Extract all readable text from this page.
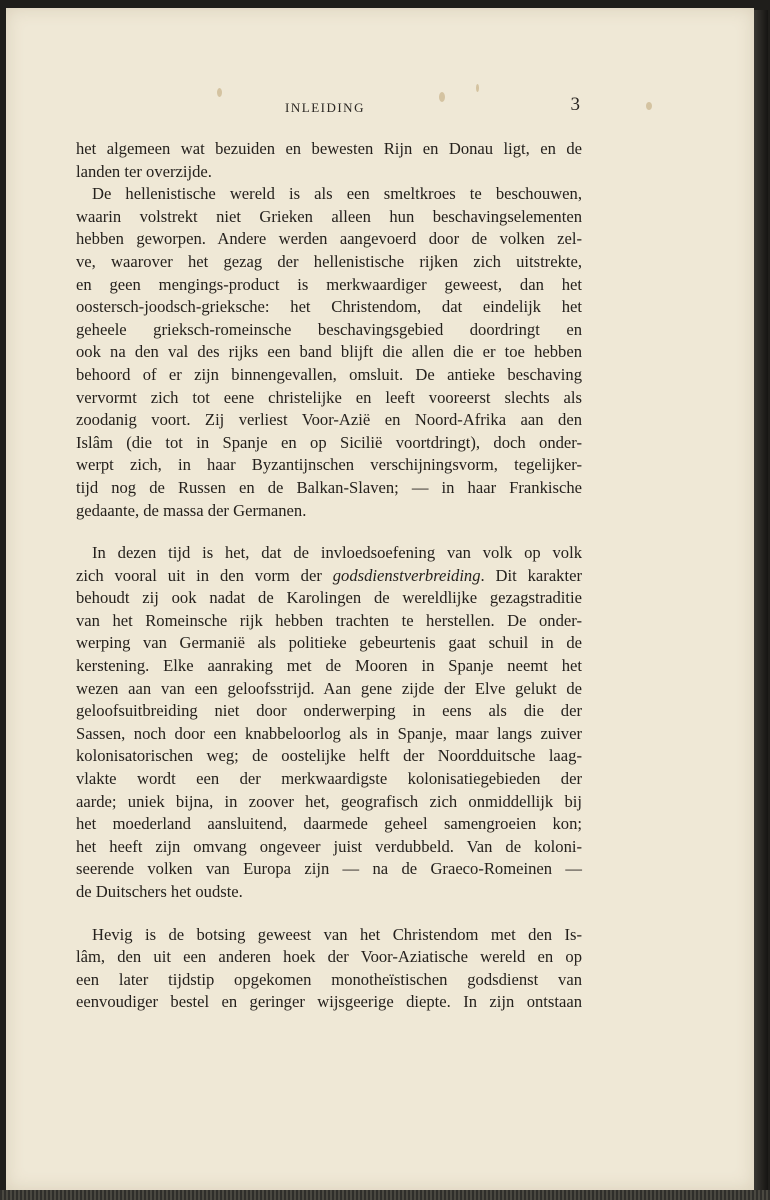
INLEIDING	3
het algemeen wat bezuiden en bewesten Rijn en Donau ligt, en de
landen ter overzijde.
De hellenistische wereld is als een smeltkroes te beschouwen,
waarin volstrekt niet Grieken alleen hun beschavingselementen
hebben geworpen. Andere werden aangevoerd door de volken zel-
ve, waarover het gezag der hellenistische rijken zich uitstrekte,
en geen mengings-product is merkwaardiger geweest, dan het
oostersch-joodsch-grieksche: het Christendom, dat eindelijk het
geheele grieksch-romeinsche beschavingsgebied doordringt en
ook na den val des rijks een band blijft die allen die er toe hebben
behoord of er zijn binnengevallen, omsluit. De antieke beschaving
vervormt zich tot eene christelijke en leeft vooreerst slechts als
zoodanig voort. Zij verliest Voor-Azië en Noord-Afrika aan den
Islâm (die tot in Spanje en op Sicilië voortdringt), doch onder-
werpt zich, in haar Byzantijnschen verschijningsvorm, tegelijker-
tijd nog de Russen en de Balkan-Slaven; — in haar Frankische
gedaante, de massa der Germanen.
In dezen tijd is het, dat de invloedsoefening van volk op volk
zich vooral uit in den vorm der godsdienstverbreiding. Dit karakter
behoudt zij ook nadat de Karolingen de wereldlijke gezagstraditie
van het Romeinsche rijk hebben trachten te herstellen. De onder-
werping van Germanië als politieke gebeurtenis gaat schuil in de
kerstening. Elke aanraking met de Mooren in Spanje neemt het
wezen aan van een geloofsstrijd. Aan gene zijde der Elve gelukt de
geloofsuitbreiding niet door onderwerping in eens als die der
Sassen, noch door een knabbeloorlog als in Spanje, maar langs zuiver
kolonisatorischen weg; de oostelijke helft der Noordduitsche laag-
vlakte wordt een der merkwaardigste kolonisatiegebieden der
aarde; uniek bijna, in zoover het, geografisch zich onmiddellijk bij
het moederland aansluitend, daarmede geheel samengroeien kon;
het heeft zijn omvang ongeveer juist verdubbeld. Van de koloni-
seerende volken van Europa zijn — na de Graeco-Romeinen —
de Duitschers het oudste.
Hevig is de botsing geweest van het Christendom met den Is-
lâm, den uit een anderen hoek der Voor-Aziatische wereld en op
een later tijdstip opgekomen monotheïstischen godsdienst van
eenvoudiger bestel en geringer wijsgeerige diepte. In zijn ontstaan
